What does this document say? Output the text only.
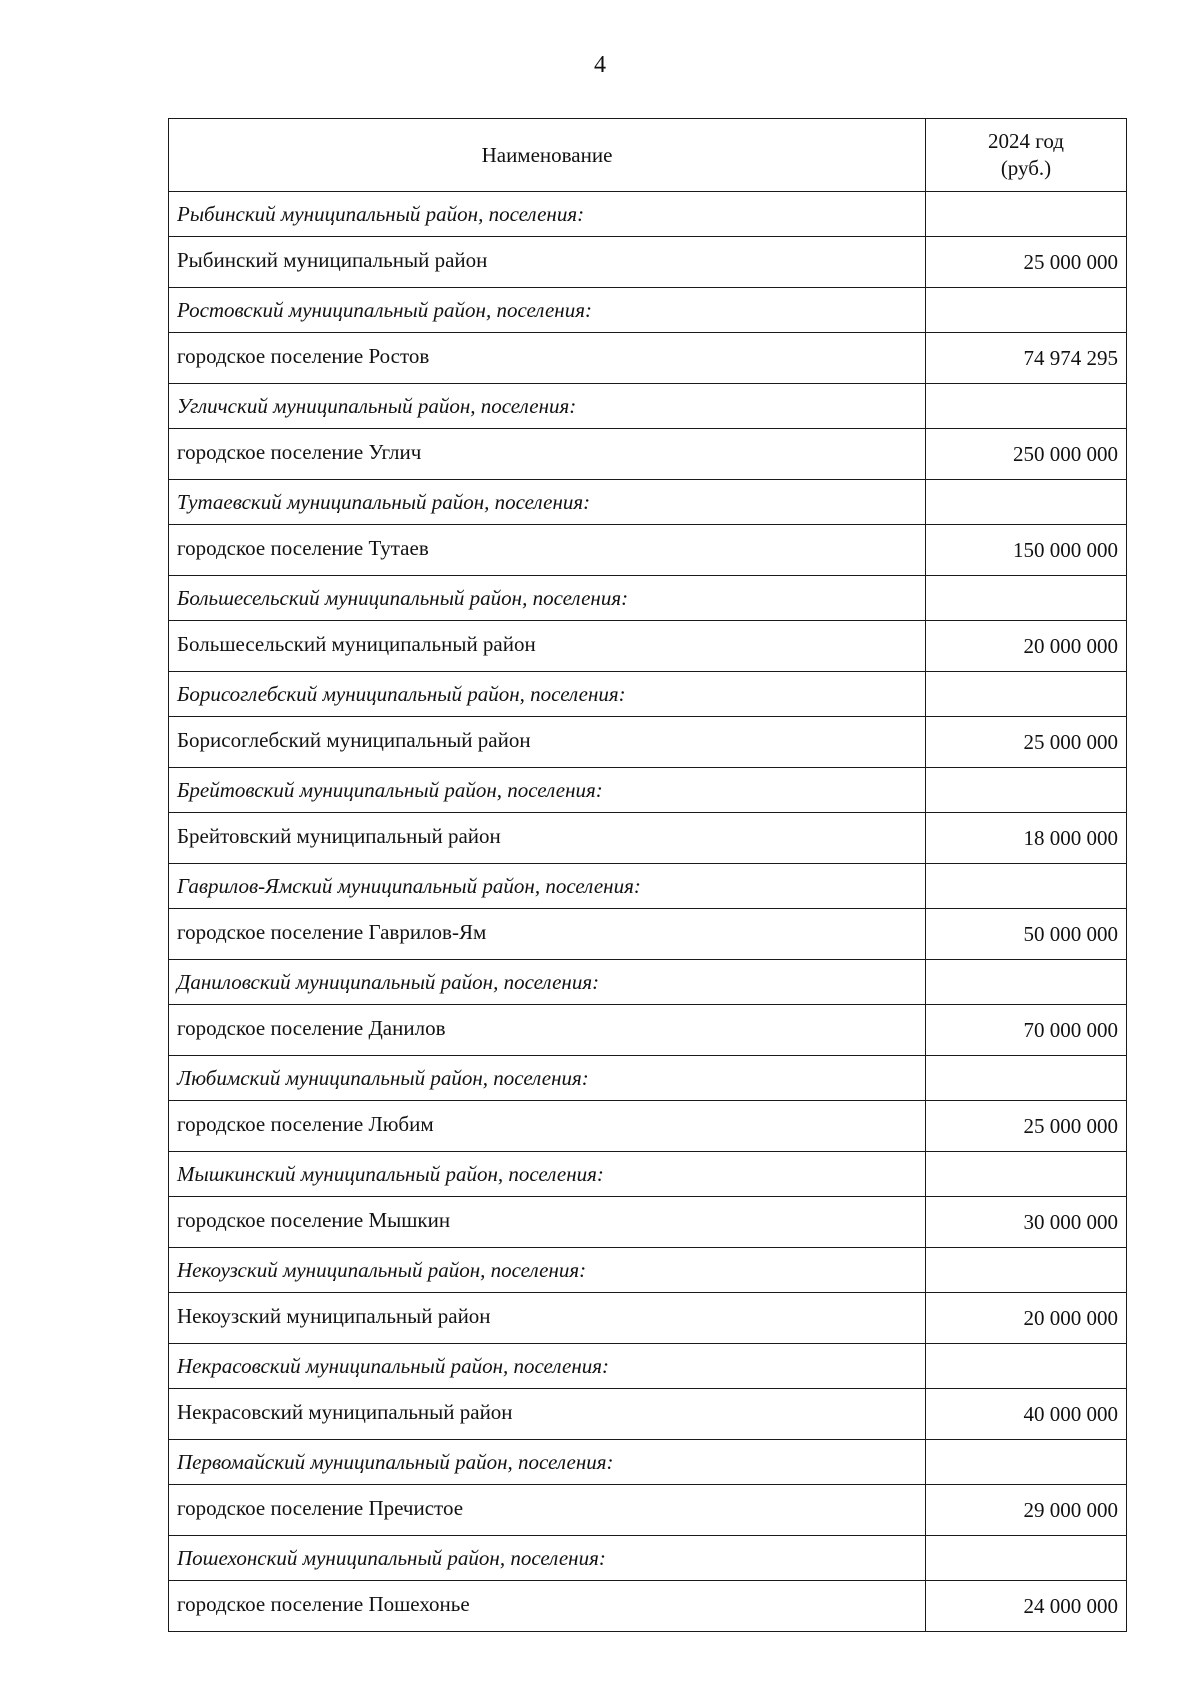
4
Наименование	2024 год
(руб.)
Рыбинский муниципальный район, поселения:	
Рыбинский муниципальный район	25 000 000
Ростовский муниципальный район, поселения:	
городское поселение Ростов	74 974 295
Угличский муниципальный район, поселения:	
городское поселение Углич	250 000 000
Тутаевский муниципальный район, поселения:	
городское поселение Тутаев	150 000 000
Большесельский муниципальный район, поселения:	
Большесельский муниципальный район	20 000 000
Борисоглебский муниципальный район, поселения:	
Борисоглебский муниципальный район	25 000 000
Брейтовский муниципальный район, поселения:	
Брейтовский муниципальный район	18 000 000
Гаврилов-Ямский муниципальный район, поселения:	
городское поселение Гаврилов-Ям	50 000 000
Даниловский муниципальный район, поселения:	
городское поселение Данилов	70 000 000
Любимский муниципальный район, поселения:	
городское поселение Любим	25 000 000
Мышкинский муниципальный район, поселения:	
городское поселение Мышкин	30 000 000
Некоузский муниципальный район, поселения:	
Некоузский муниципальный район	20 000 000
Некрасовский муниципальный район, поселения:	
Некрасовский муниципальный район	40 000 000
Первомайский муниципальный район, поселения:	
городское поселение Пречистое	29 000 000
Пошехонский муниципальный район, поселения:	
городское поселение Пошехонье	24 000 000
